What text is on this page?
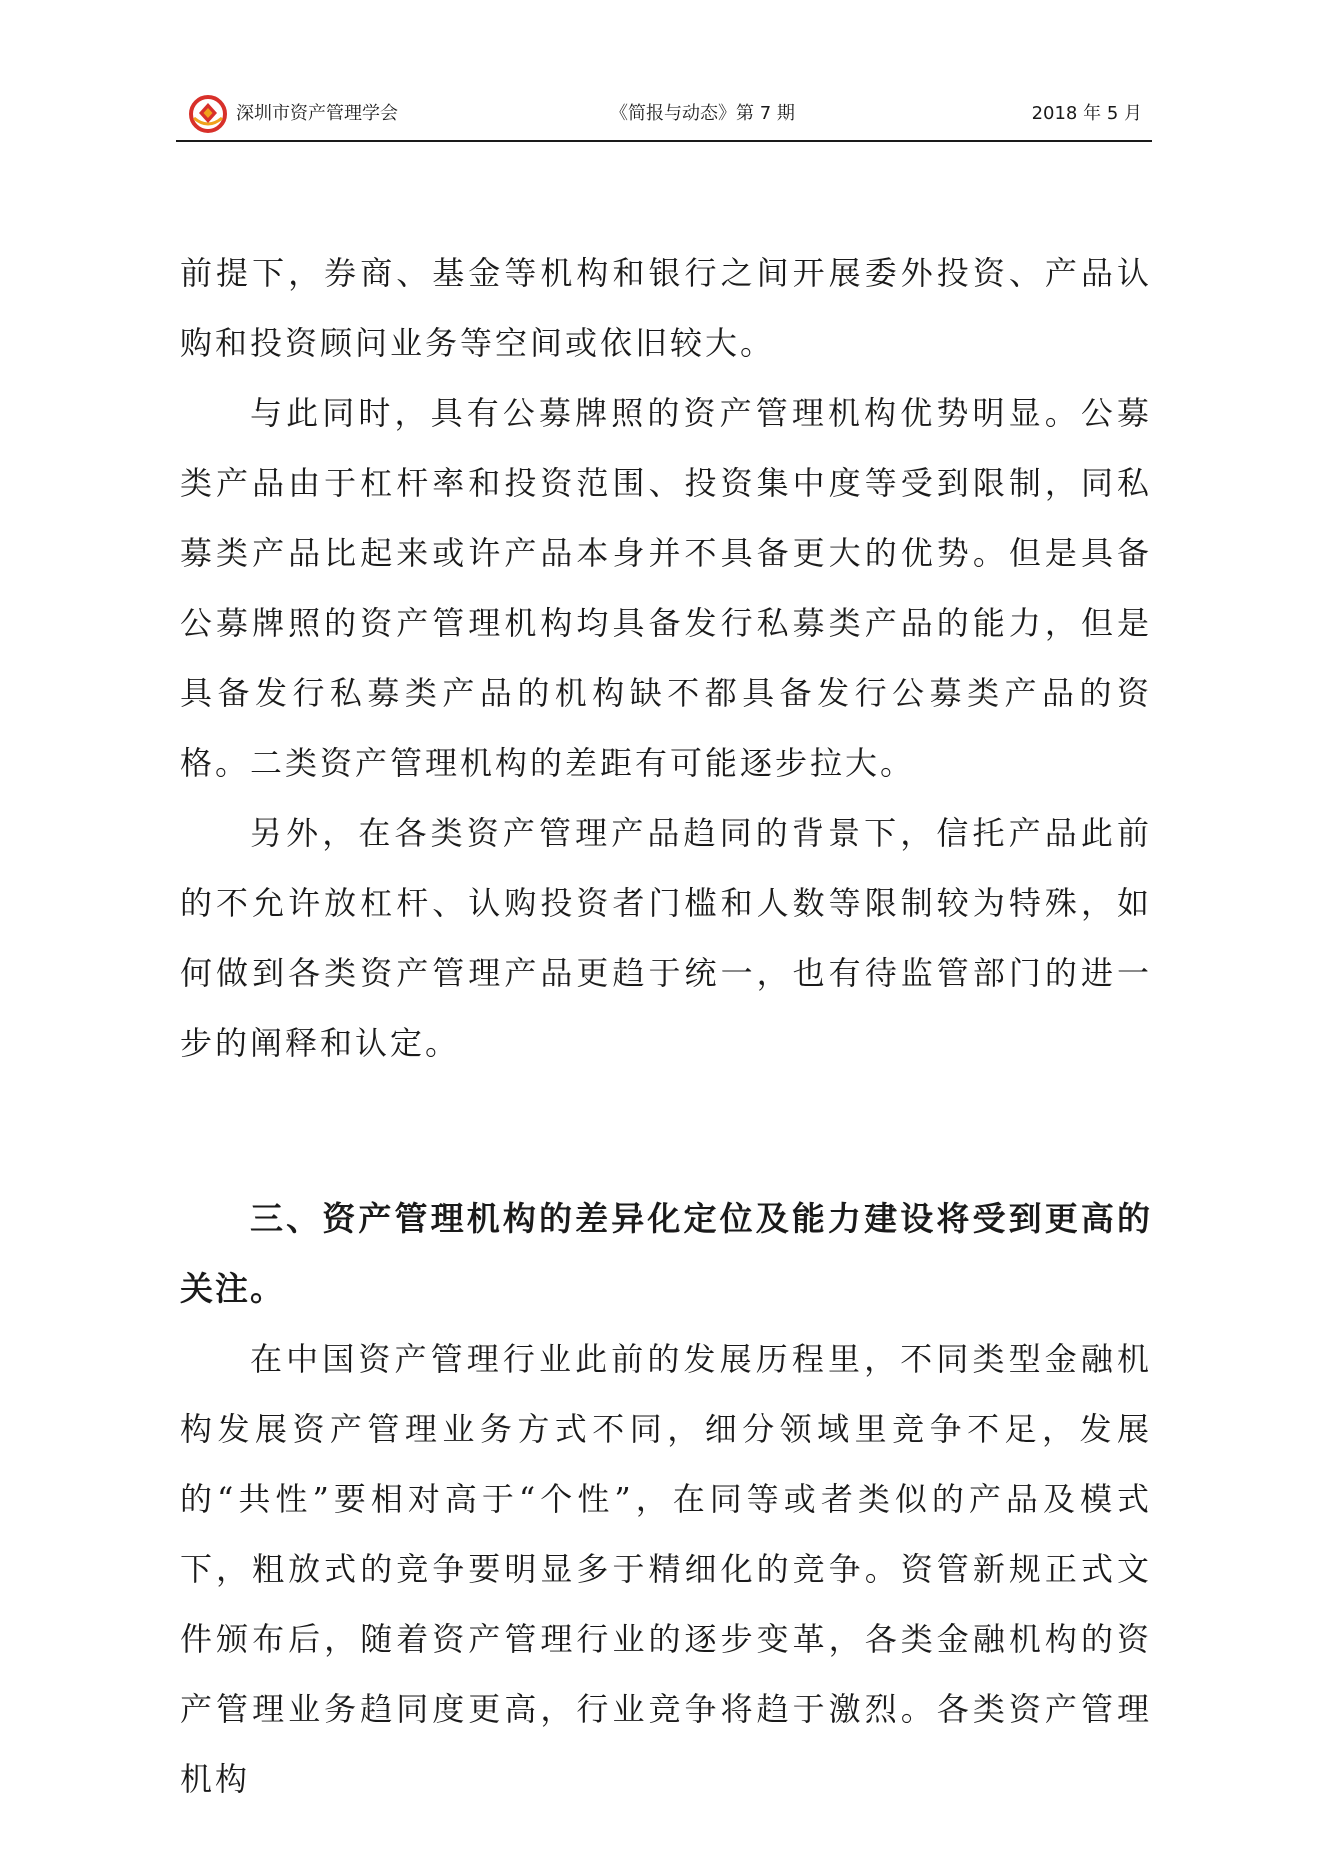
深圳市资产管理学会	《简报与动态》第 7 期	2018 年 5 月

前提下，券商、基金等机构和银行之间开展委外投资、产品认购和投资顾问业务等空间或依旧较大。

与此同时，具有公募牌照的资产管理机构优势明显。公募类产品由于杠杆率和投资范围、投资集中度等受到限制，同私募类产品比起来或许产品本身并不具备更大的优势。但是具备公募牌照的资产管理机构均具备发行私募类产品的能力，但是具备发行私募类产品的机构缺不都具备发行公募类产品的资格。二类资产管理机构的差距有可能逐步拉大。

另外，在各类资产管理产品趋同的背景下，信托产品此前的不允许放杠杆、认购投资者门槛和人数等限制较为特殊，如何做到各类资产管理产品更趋于统一，也有待监管部门的进一步的阐释和认定。

三、资产管理机构的差异化定位及能力建设将受到更高的关注。

在中国资产管理行业此前的发展历程里，不同类型金融机构发展资产管理业务方式不同，细分领域里竞争不足，发展的“共性”要相对高于“个性”，在同等或者类似的产品及模式下，粗放式的竞争要明显多于精细化的竞争。资管新规正式文件颁布后，随着资产管理行业的逐步变革，各类金融机构的资产管理业务趋同度更高，行业竞争将趋于激烈。各类资产管理机构
